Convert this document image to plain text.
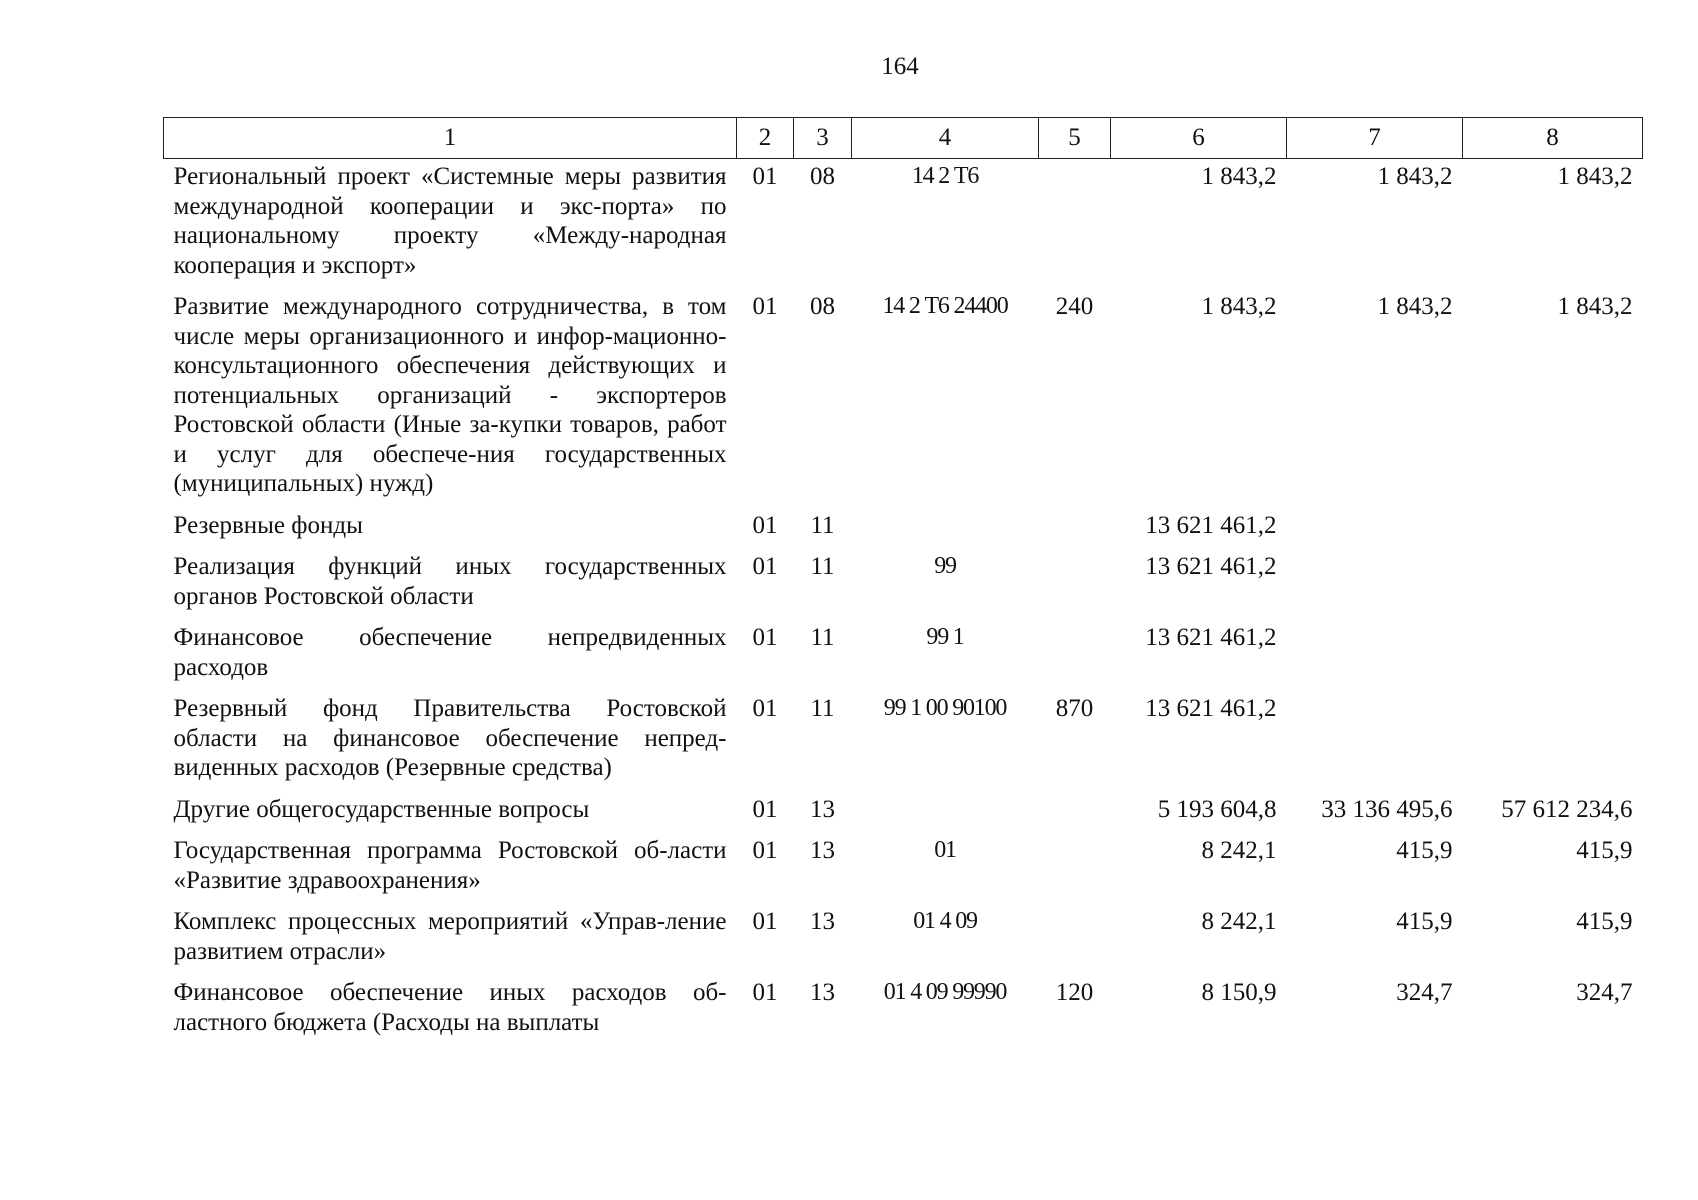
164
1	2	3	4	5	6	7	8
Региональный проект «Системные меры развития международной кооперации и экс-порта» по национальному проекту «Между-народная кооперация и экспорт»	01	08	14 2 Т6		1 843,2	1 843,2	1 843,2
Развитие международного сотрудничества, в том числе меры организационного и инфор-мационно-консультационного обеспечения действующих и потенциальных организаций - экспортеров Ростовской области (Иные за-купки товаров, работ и услуг для обеспече-ния государственных (муниципальных) нужд)	01	08	14 2 Т6 24400	240	1 843,2	1 843,2	1 843,2
Резервные фонды	01	11			13 621 461,2		
Реализация функций иных государственных органов Ростовской области	01	11	99		13 621 461,2		
Финансовое обеспечение непредвиденных расходов	01	11	99 1		13 621 461,2		
Резервный фонд Правительства Ростовской области на финансовое обеспечение непред-виденных расходов (Резервные средства)	01	11	99 1 00 90100	870	13 621 461,2		
Другие общегосударственные вопросы	01	13			5 193 604,8	33 136 495,6	57 612 234,6
Государственная программа Ростовской об-ласти «Развитие здравоохранения»	01	13	01		8 242,1	415,9	415,9
Комплекс процессных мероприятий «Управ-ление развитием отрасли»	01	13	01 4 09		8 242,1	415,9	415,9
Финансовое обеспечение иных расходов об-ластного бюджета (Расходы на выплаты	01	13	01 4 09 99990	120	8 150,9	324,7	324,7
